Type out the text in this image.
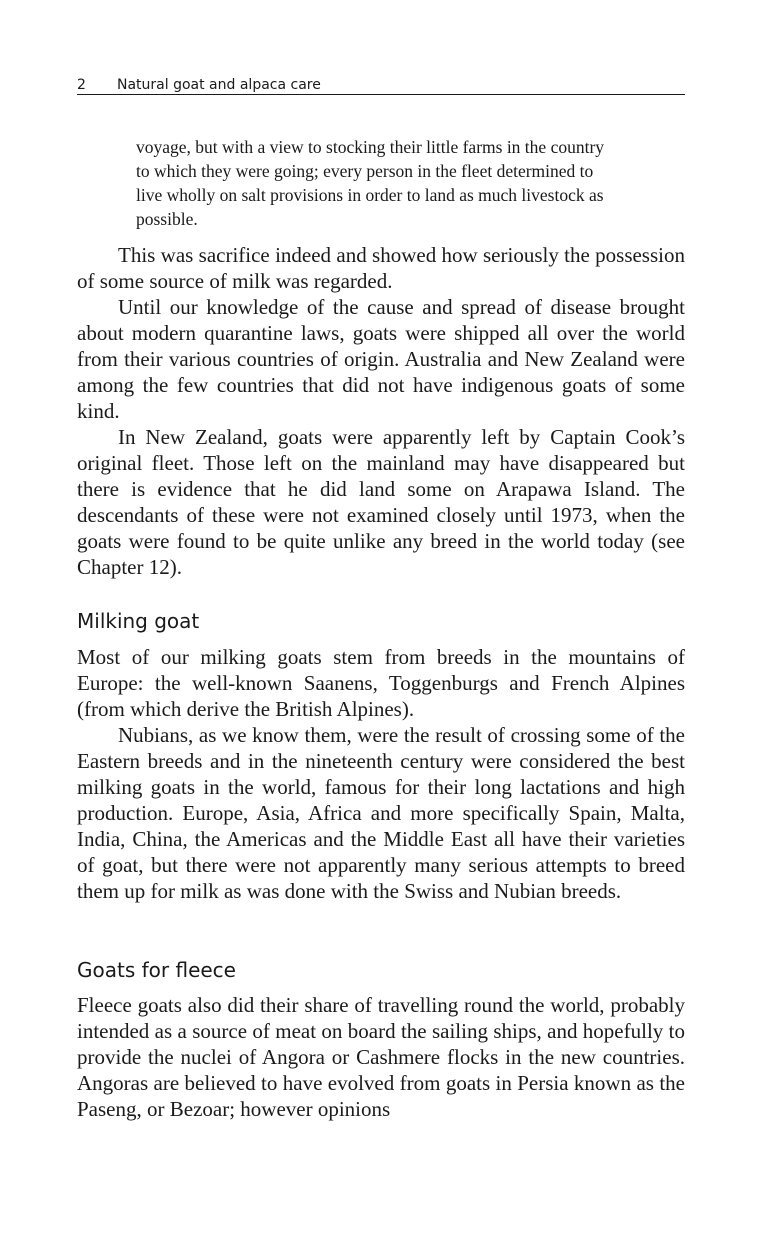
2 Natural goat and alpaca care
voyage, but with a view to stocking their little farms in the country to which they were going; every person in the fleet determined to live wholly on salt provisions in order to land as much livestock as possible.

This was sacrifice indeed and showed how seriously the possession of some source of milk was regarded.

Until our knowledge of the cause and spread of disease brought about modern quarantine laws, goats were shipped all over the world from their various countries of origin. Australia and New Zealand were among the few countries that did not have indigenous goats of some kind.

In New Zealand, goats were apparently left by Captain Cook’s original fleet. Those left on the mainland may have disappeared but there is evidence that he did land some on Arapawa Island. The descendants of these were not examined closely until 1973, when the goats were found to be quite unlike any breed in the world today (see Chapter 12).

Milking goat

Most of our milking goats stem from breeds in the mountains of Europe: the well-known Saanens, Toggenburgs and French Alpines (from which derive the British Alpines).

Nubians, as we know them, were the result of crossing some of the Eastern breeds and in the nineteenth century were considered the best milking goats in the world, famous for their long lactations and high production. Europe, Asia, Africa and more specifically Spain, Malta, India, China, the Americas and the Middle East all have their varieties of goat, but there were not apparently many serious attempts to breed them up for milk as was done with the Swiss and Nubian breeds.

Goats for fleece

Fleece goats also did their share of travelling round the world, probably intended as a source of meat on board the sailing ships, and hopefully to provide the nuclei of Angora or Cashmere flocks in the new countries. Angoras are believed to have evolved from goats in Persia known as the Paseng, or Bezoar; however opinions
